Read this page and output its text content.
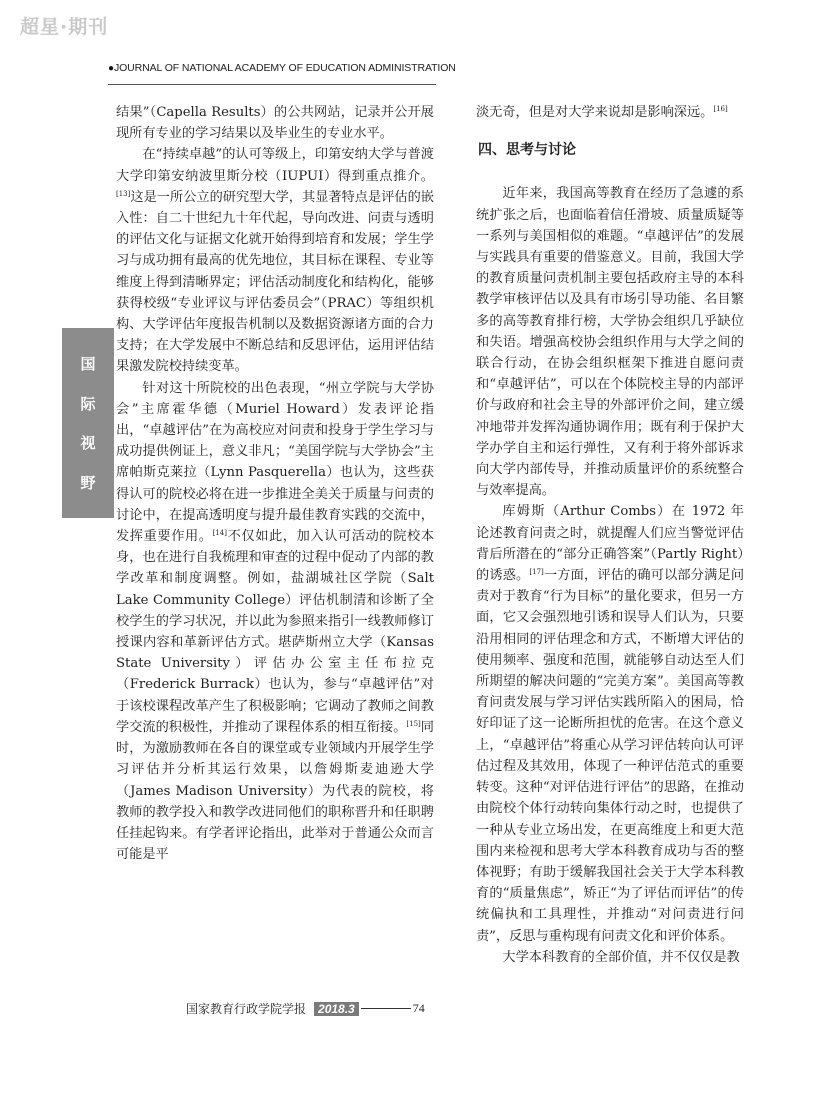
超星·期刊
●JOURNAL OF NATIONAL ACADEMY OF EDUCATION ADMINISTRATION
国
际
视
野

结果”（Capella Results）的公共网站，记录并公开展现所有专业的学习结果以及毕业生的专业水平。

在“持续卓越”的认可等级上，印第安纳大学与普渡大学印第安纳波里斯分校（IUPUI）得到重点推介。[13]这是一所公立的研究型大学，其显著特点是评估的嵌入性：自二十世纪九十年代起，导向改进、问责与透明的评估文化与证据文化就开始得到培育和发展；学生学习与成功拥有最高的优先地位，其目标在课程、专业等维度上得到清晰界定；评估活动制度化和结构化，能够获得校级“专业评议与评估委员会”（PRAC）等组织机构、大学评估年度报告机制以及数据资源诸方面的合力支持；在大学发展中不断总结和反思评估，运用评估结果激发院校持续变革。

针对这十所院校的出色表现，“州立学院与大学协会”主席霍华德（Muriel Howard）发表评论指出，“卓越评估”在为高校应对问责和投身于学生学习与成功提供例证上，意义非凡；“美国学院与大学协会”主席帕斯克莱拉（Lynn Pasquerella）也认为，这些获得认可的院校必将在进一步推进全美关于质量与问责的讨论中，在提高透明度与提升最佳教育实践的交流中，发挥重要作用。[14]不仅如此，加入认可活动的院校本身，也在进行自我梳理和审查的过程中促动了内部的教学改革和制度调整。例如，盐湖城社区学院（Salt Lake Community College）评估机制清和诊断了全校学生的学习状况，并以此为参照来指引一线教师修订授课内容和革新评估方式。堪萨斯州立大学（Kansas State University）评估办公室主任布拉克（Frederick Burrack）也认为，参与“卓越评估”对于该校课程改革产生了积极影响；它调动了教师之间教学交流的积极性，并推动了课程体系的相互衔接。[15]同时，为激励教师在各自的课堂或专业领域内开展学生学习评估并分析其运行效果，以詹姆斯麦迪逊大学（James Madison University）为代表的院校，将教师的教学投入和教学改进同他们的职称晋升和任职聘任挂起钩来。有学者评论指出，此举对于普通公众而言可能是平

淡无奇，但是对大学来说却是影响深远。[16]

四、思考与讨论

近年来，我国高等教育在经历了急遽的系统扩张之后，也面临着信任滑坡、质量质疑等一系列与美国相似的难题。“卓越评估”的发展与实践具有重要的借鉴意义。目前，我国大学的教育质量问责机制主要包括政府主导的本科教学审核评估以及具有市场引导功能、名目繁多的高等教育排行榜，大学协会组织几乎缺位和失语。增强高校协会组织作用与大学之间的联合行动，在协会组织框架下推进自愿问责和“卓越评估”，可以在个体院校主导的内部评价与政府和社会主导的外部评价之间，建立缓冲地带并发挥沟通协调作用；既有利于保护大学办学自主和运行弹性，又有利于将外部诉求向大学内部传导，并推动质量评价的系统整合与效率提高。

库姆斯（Arthur Combs）在 1972 年论述教育问责之时，就提醒人们应当警觉评估背后所潜在的“部分正确答案”（Partly Right）的诱惑。[17]一方面，评估的确可以部分满足问责对于教育“行为目标”的量化要求，但另一方面，它又会强烈地引诱和误导人们认为，只要沿用相同的评估理念和方式，不断增大评估的使用频率、强度和范围，就能够自动达至人们所期望的解决问题的“完美方案”。美国高等教育问责发展与学习评估实践所陷入的困局，恰好印证了这一论断所担忧的危害。在这个意义上，“卓越评估”将重心从学习评估转向认可评估过程及其效用，体现了一种评估范式的重要转变。这种“对评估进行评估”的思路，在推动由院校个体行动转向集体行动之时，也提供了一种从专业立场出发，在更高维度上和更大范围内来检视和思考大学本科教育成功与否的整体视野；有助于缓解我国社会关于大学本科教育的“质量焦虑”，矫正“为了评估而评估”的传统偏执和工具理性，并推动“对问责进行问责”，反思与重构现有问责文化和评价体系。

大学本科教育的全部价值，并不仅仅是教

国家教育行政学院学报	2018.3	74
